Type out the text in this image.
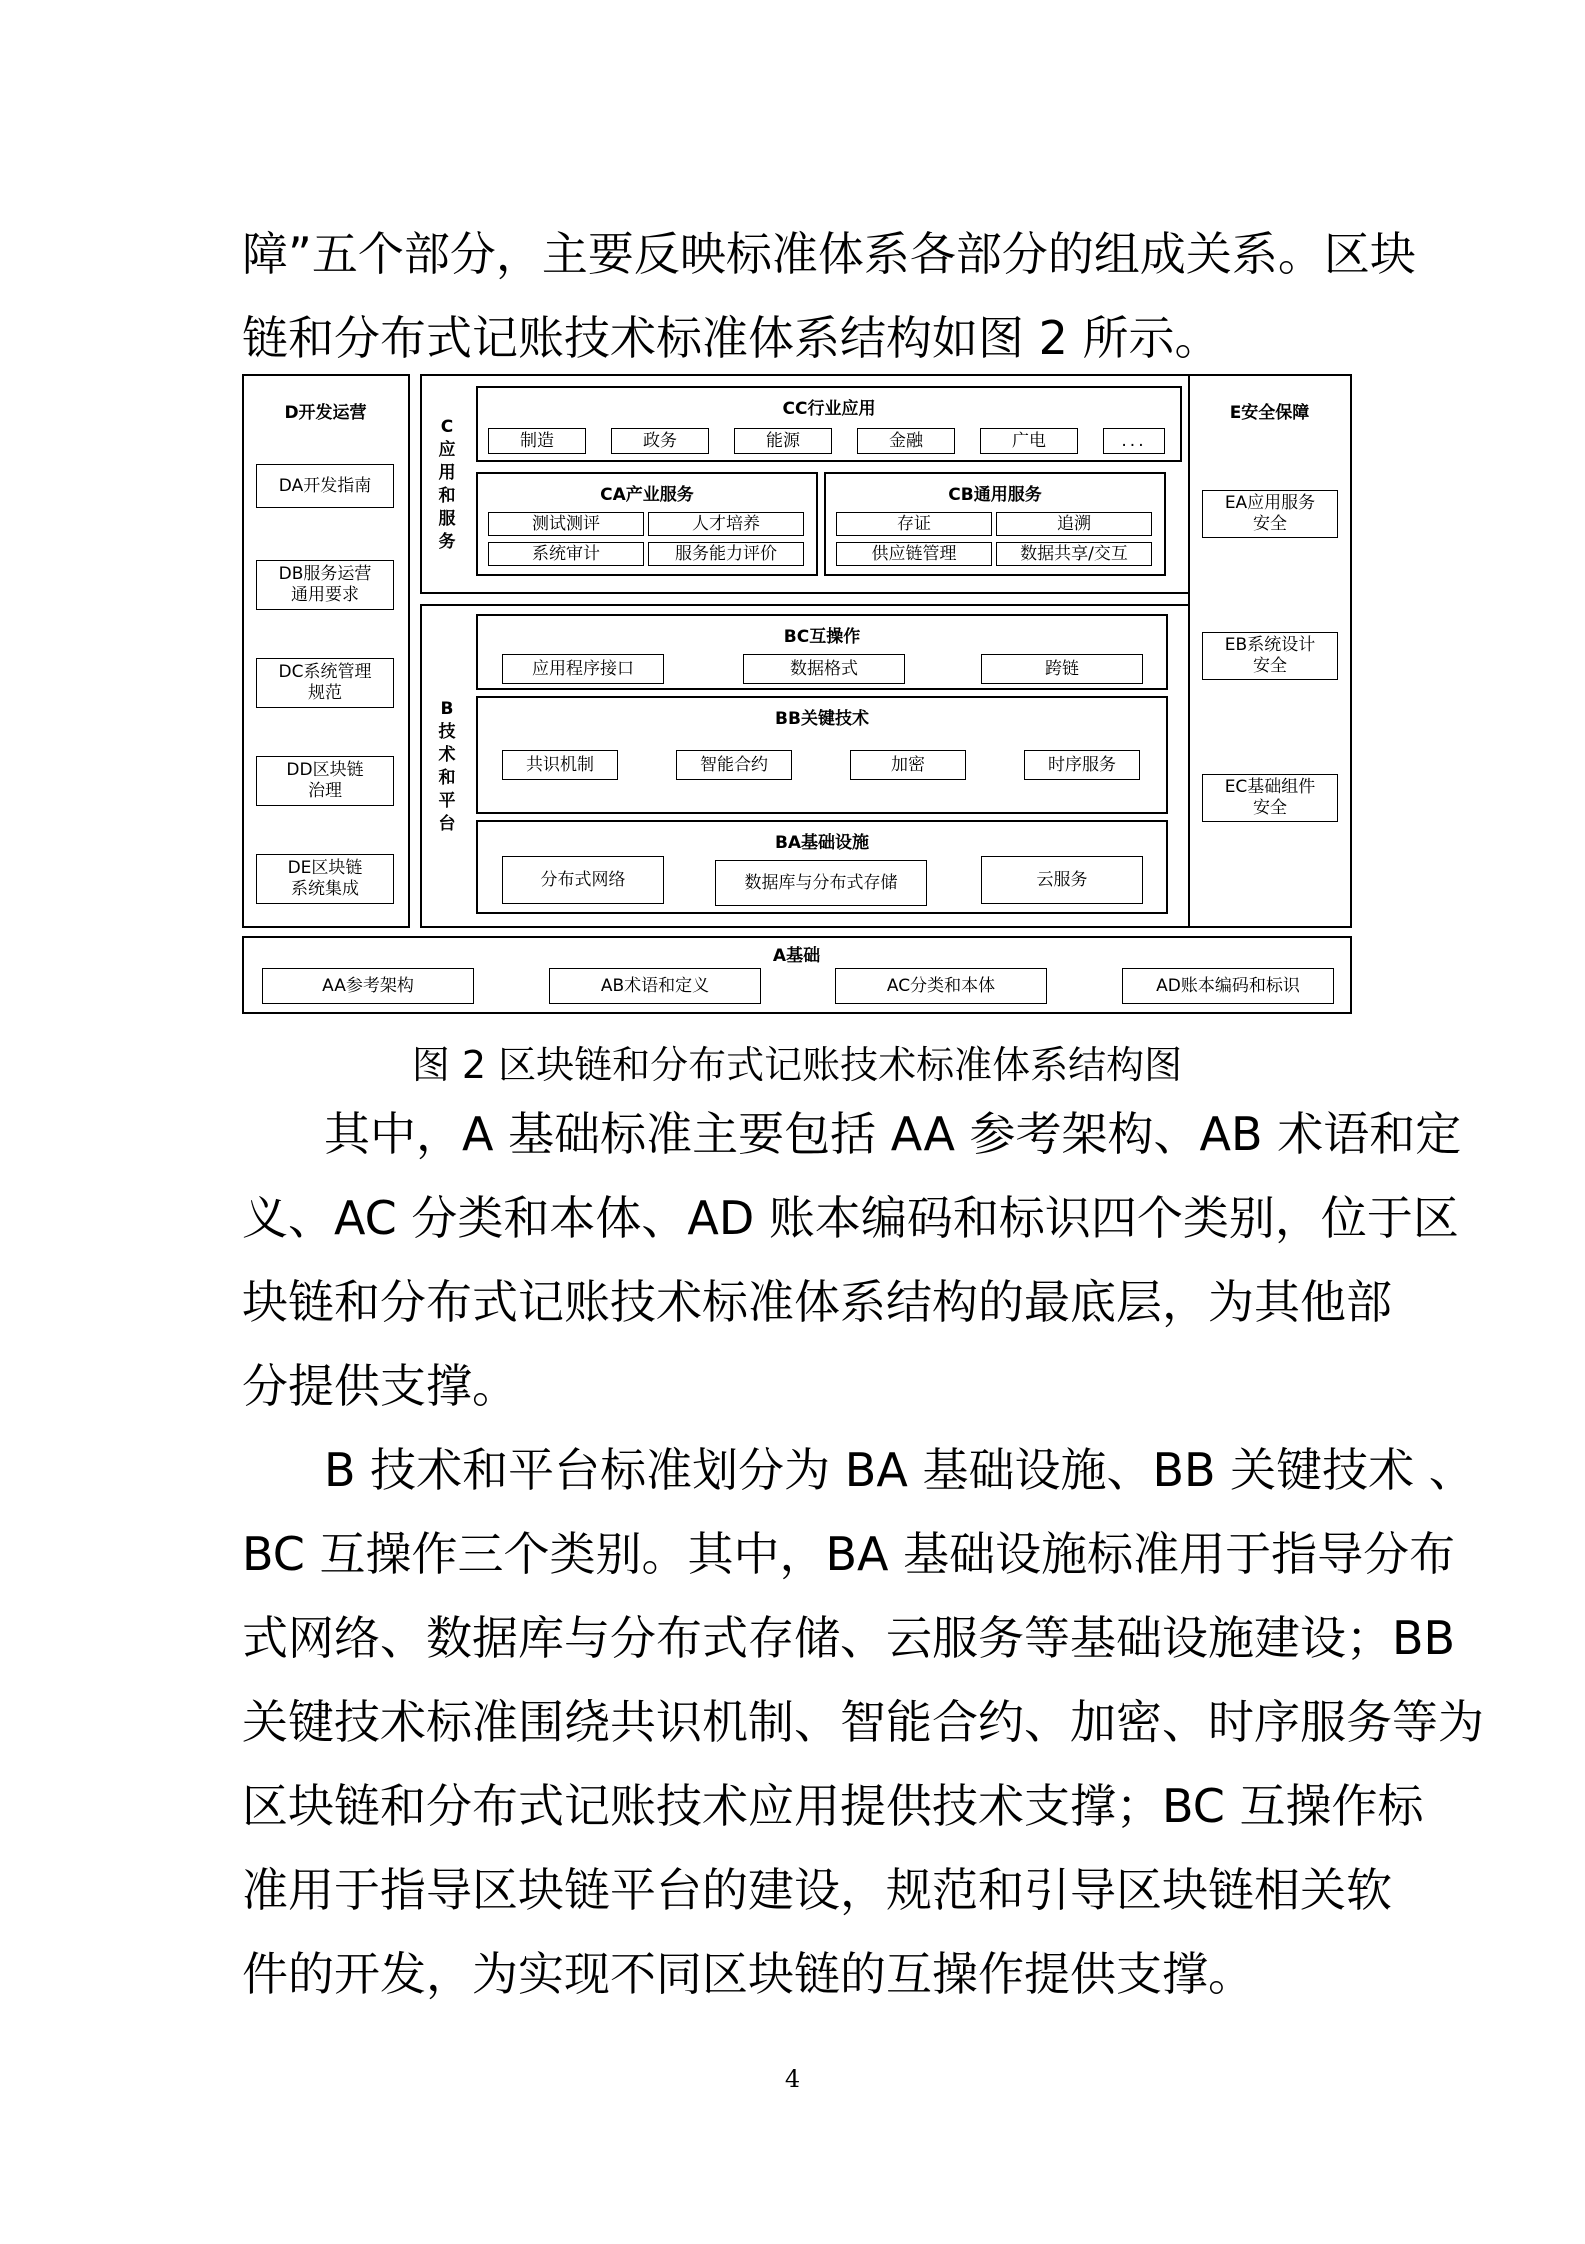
障”五个部分，主要反映标准体系各部分的组成关系。区块
链和分布式记账技术标准体系结构如图 2 所示。
D开发运营
DA开发指南
DB服务运营
通用要求
DC系统管理
规范
DD区块链
治理
DE区块链
系统集成
C应用和服务
CC行业应用
制造	政务	能源	金融	广电	...
CA产业服务
测试测评	人才培养
系统审计	服务能力评价
CB通用服务
存证	追溯
供应链管理	数据共享/交互
B技术和平台
BC互操作
应用程序接口	数据格式	跨链
BB关键技术
共识机制	智能合约	加密	时序服务
BA基础设施
分布式网络	数据库与分布式存储	云服务
E安全保障
EA应用服务
安全
EB系统设计
安全
EC基础组件
安全
A基础
AA参考架构	AB术语和定义	AC分类和本体	AD账本编码和标识
图 2 区块链和分布式记账技术标准体系结构图
其中，A 基础标准主要包括 AA 参考架构、AB 术语和定
义、AC 分类和本体、AD 账本编码和标识四个类别，位于区
块链和分布式记账技术标准体系结构的最底层，为其他部
分提供支撑。
B 技术和平台标准划分为 BA 基础设施、BB 关键技术 、
BC 互操作三个类别。其中，BA 基础设施标准用于指导分布
式网络、数据库与分布式存储、云服务等基础设施建设；BB
关键技术标准围绕共识机制、智能合约、加密、时序服务等为
区块链和分布式记账技术应用提供技术支撑；BC 互操作标
准用于指导区块链平台的建设，规范和引导区块链相关软
件的开发，为实现不同区块链的互操作提供支撑。
4
